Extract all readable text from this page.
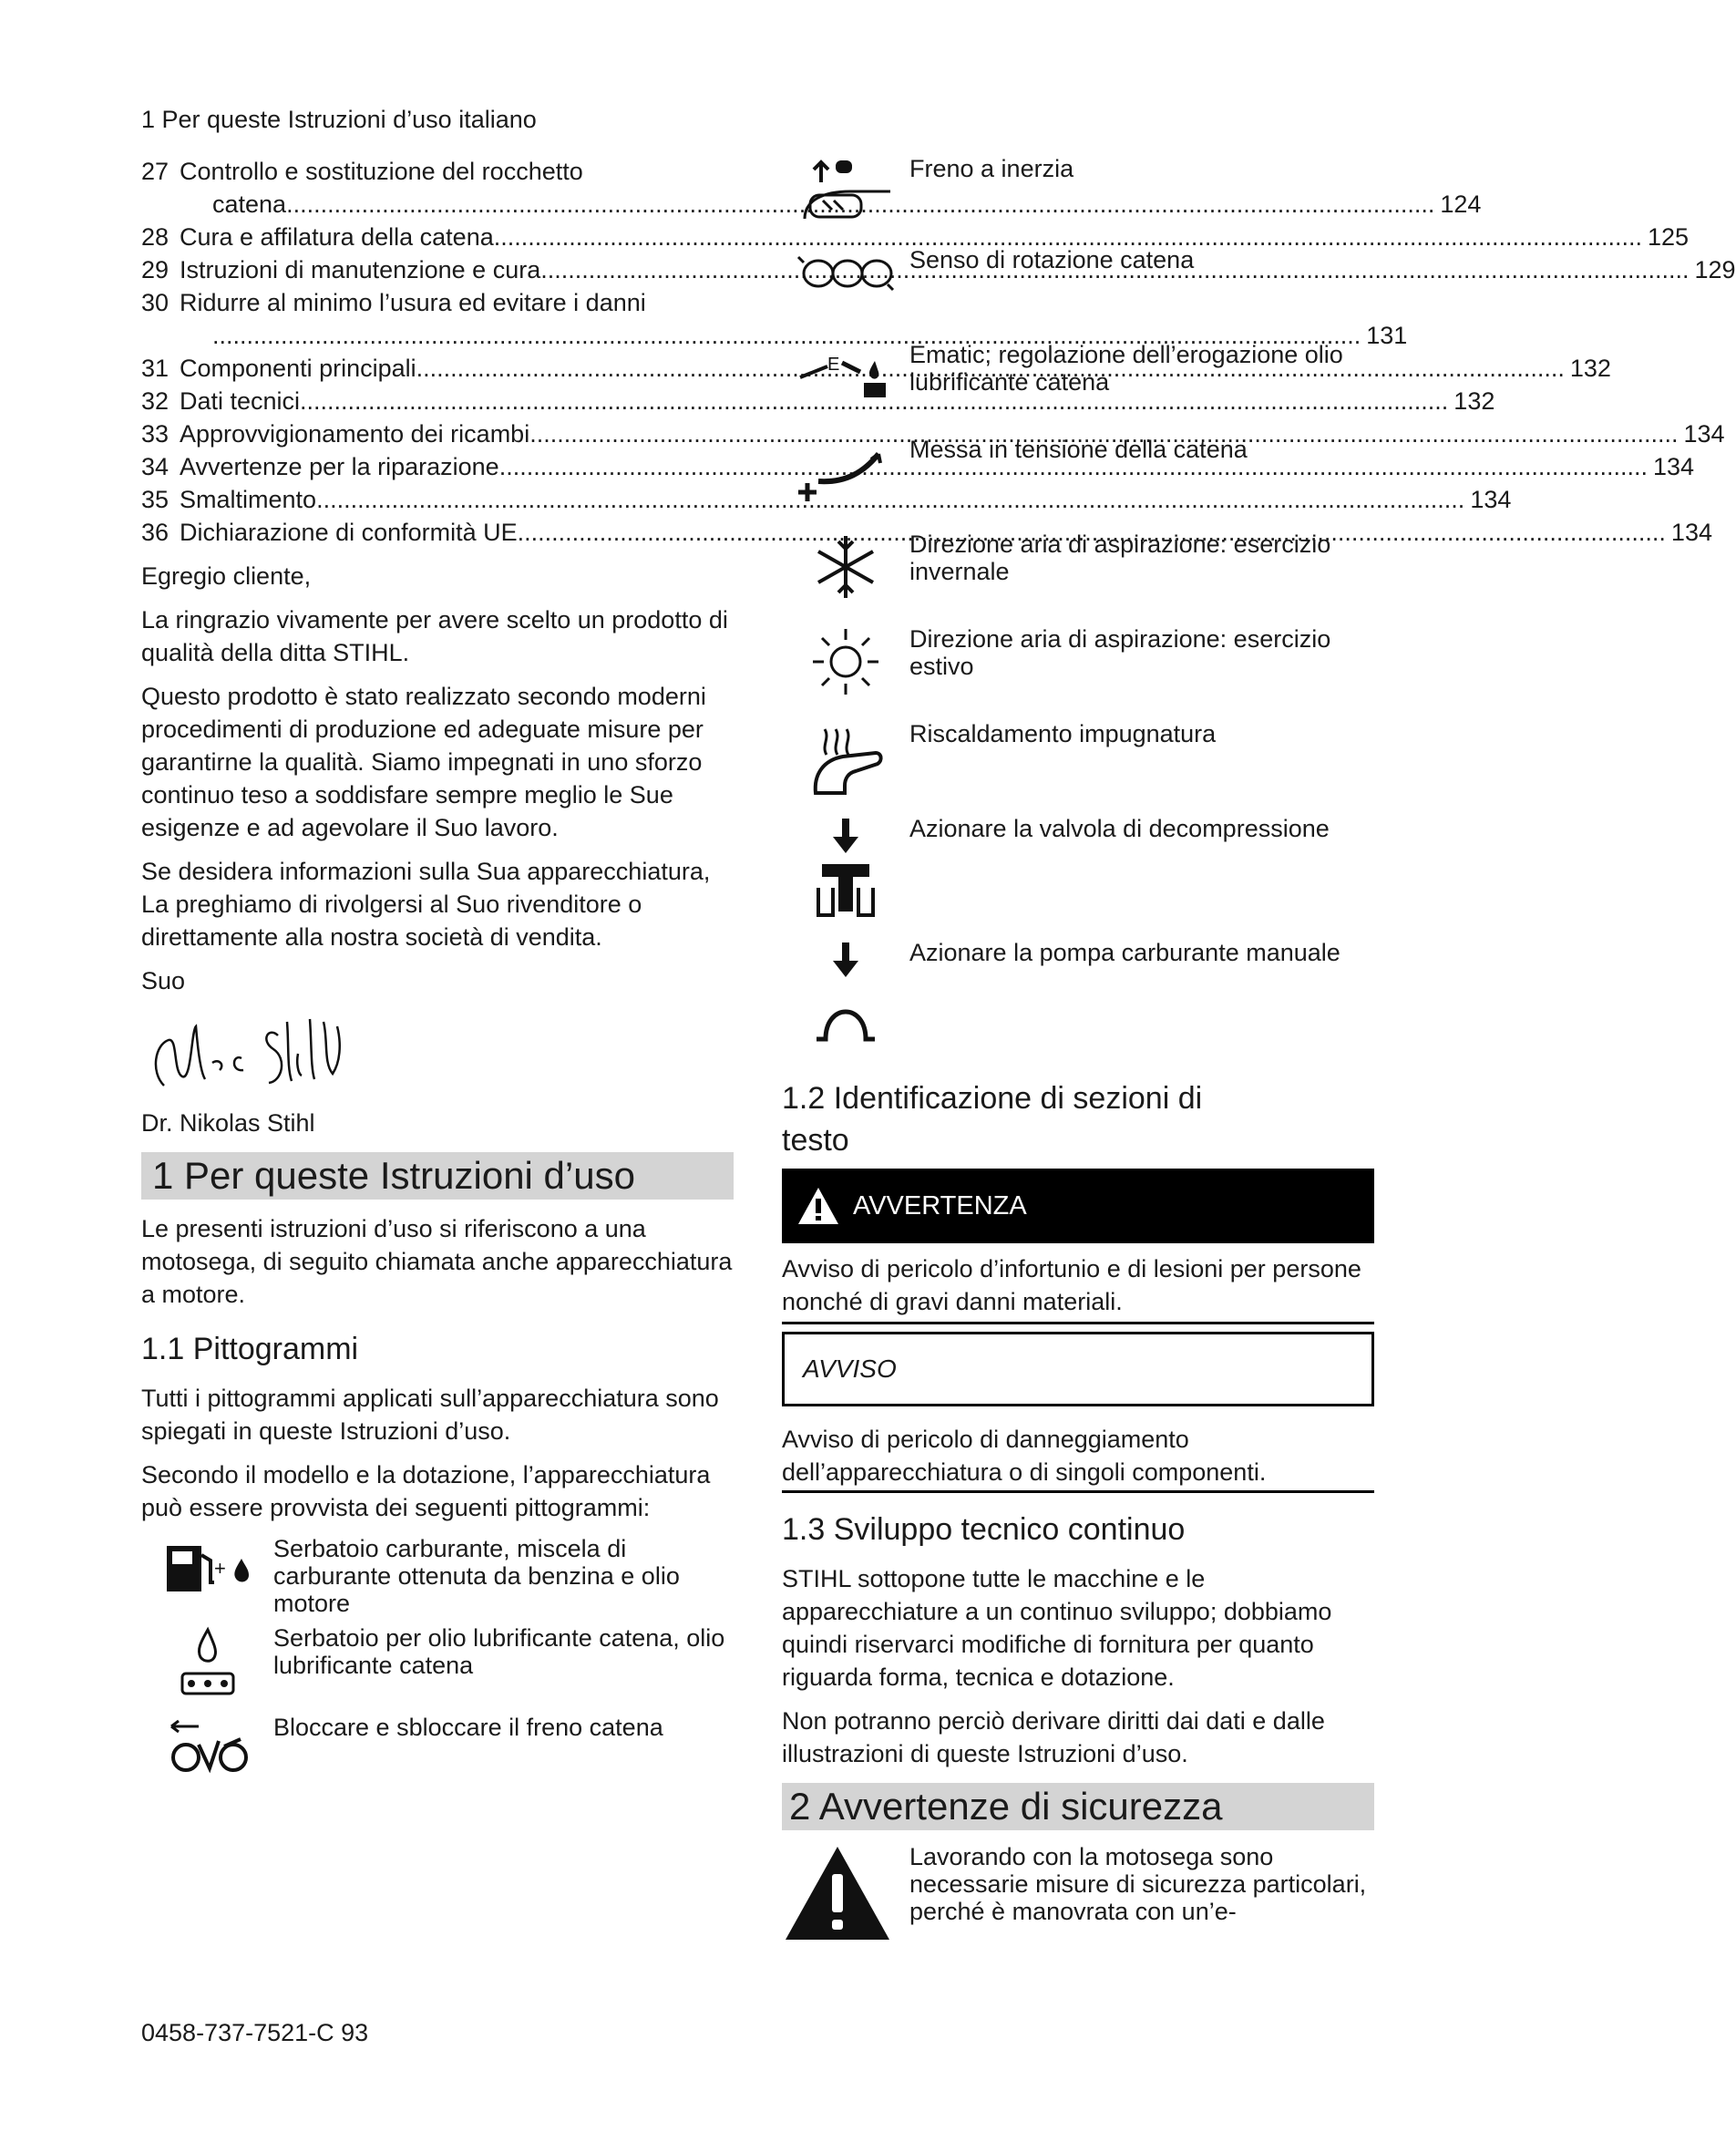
1 Per queste Istruzioni d’uso italiano
27 Controllo e sostituzione del rocchetto
catena .....	124
28 Cura e affilatura della catena .....	125
29 Istruzioni di manutenzione e cura .....	129
30 Ridurre al minimo l’usura ed evitare i danni
.....
131
31 Componenti principali .....	132
32 Dati tecnici .....	132
33 Approvvigionamento dei ricambi .....	134
34 Avvertenze per la riparazione .....	134
35 Smaltimento .....	134
36 Dichiarazione di conformità UE .....	134

Egregio cliente,

La ringrazio vivamente per avere scelto un prodotto di qualità della ditta STIHL.

Questo prodotto è stato realizzato secondo moderni procedimenti di produzione ed adeguate misure per garantirne la qualità. Siamo impegnati in uno sforzo continuo teso a soddisfare sempre meglio le Sue esigenze e ad agevolare il Suo lavoro.

Se desidera informazioni sulla Sua apparecchiatura, La preghiamo di rivolgersi al Suo rivenditore o direttamente alla nostra società di vendita.

Suo

Dr. Nikolas Stihl

1 Per queste Istruzioni d’uso

Le presenti istruzioni d’uso si riferiscono a una motosega, di seguito chiamata anche apparecchiatura a motore.

1.1 Pittogrammi

Tutti i pittogrammi applicati sull’apparecchiatura sono spiegati in queste Istruzioni d’uso.

Secondo il modello e la dotazione, l’apparecchiatura può essere provvista dei seguenti pittogrammi:

+
Serbatoio carburante, miscela di carburante ottenuta da benzina e olio motore
Serbatoio per olio lubrificante catena, olio lubrificante catena
Bloccare e sbloccare il freno catena
Freno a inerzia
Senso di rotazione catena
E	Ematic; regolazione dell’erogazione olio lubrificante catena
Messa in tensione della catena
Direzione aria di aspirazione: esercizio invernale
Direzione aria di aspirazione: esercizio estivo
Riscaldamento impugnatura
Azionare la valvola di decompressione
Azionare la pompa carburante manuale
1.2 Identificazione di sezioni di testo
AVVERTENZA

Avviso di pericolo d’infortunio e di lesioni per persone nonché di gravi danni materiali.

AVVISO

Avviso di pericolo di danneggiamento dell’apparecchiatura o di singoli componenti.

1.3 Sviluppo tecnico continuo

STIHL sottopone tutte le macchine e le apparecchiature a un continuo sviluppo; dobbiamo quindi riservarci modifiche di fornitura per quanto riguarda forma, tecnica e dotazione.

Non potranno perciò derivare diritti dai dati e dalle illustrazioni di queste Istruzioni d’uso.

2 Avvertenze di sicurezza
Lavorando con la motosega sono necessarie misure di sicurezza particolari, perché è manovrata con un’e-
0458-737-7521-C 93
